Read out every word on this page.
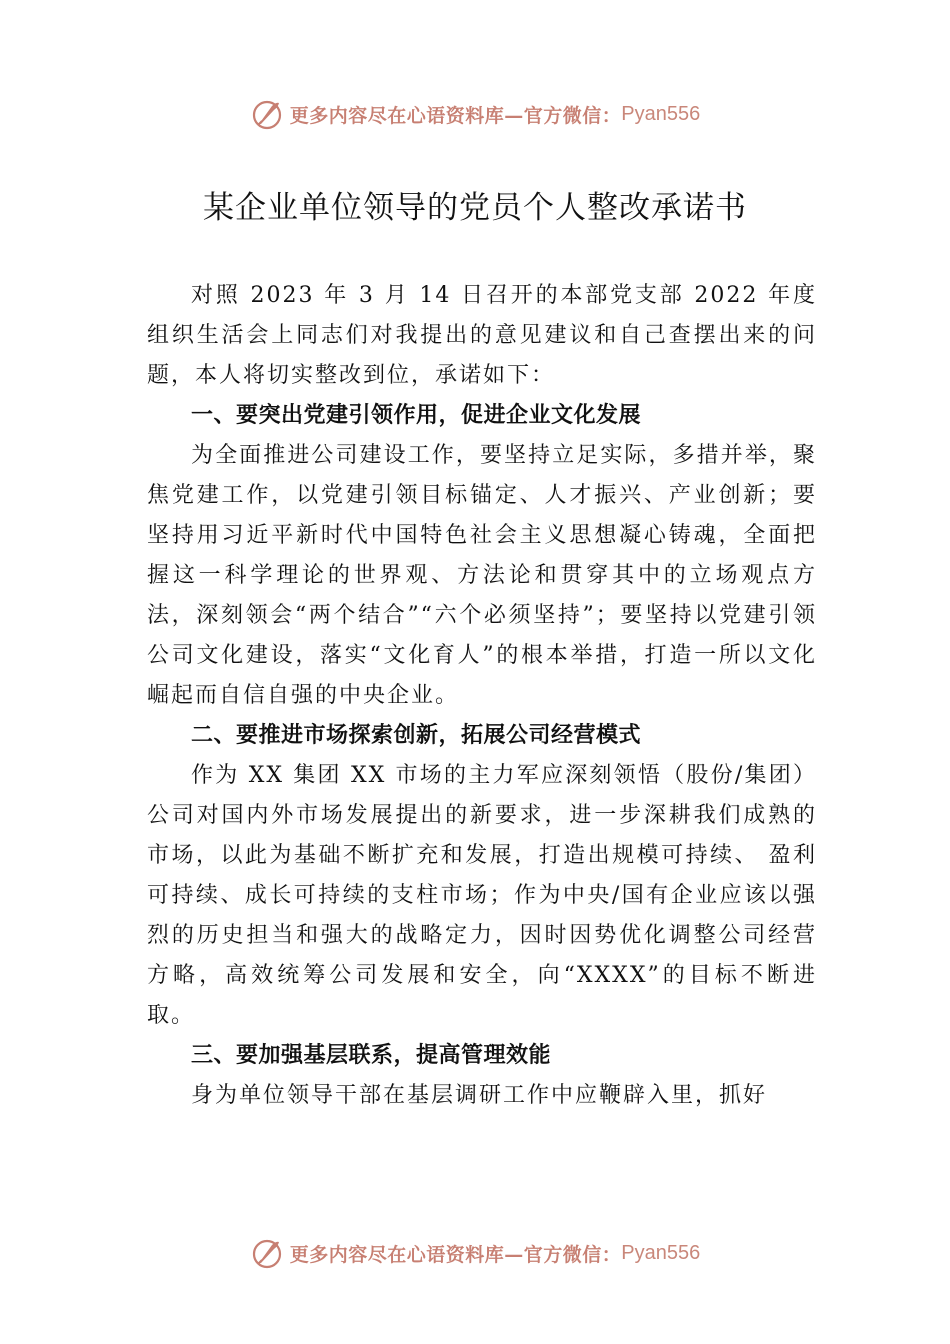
更多内容尽在心语资料库—官方微信： Pyan556
某企业单位领导的党员个人整改承诺书

对照 2023 年 3 月 14 日召开的本部党支部 2022 年度组织生活会上同志们对我提出的意见建议和自己查摆出来的问题，本人将切实整改到位，承诺如下：

一、要突出党建引领作用，促进企业文化发展

为全面推进公司建设工作，要坚持立足实际，多措并举，聚焦党建工作，以党建引领目标锚定、人才振兴、产业创新；要坚持用习近平新时代中国特色社会主义思想凝心铸魂，全面把握这一科学理论的世界观、方法论和贯穿其中的立场观点方法，深刻领会“两个结合”“六个必须坚持”；要坚持以党建引领公司文化建设，落实“文化育人”的根本举措，打造一所以文化崛起而自信自强的中央企业。

二、要推进市场探索创新，拓展公司经营模式

作为 XX 集团 XX 市场的主力军应深刻领悟（股份/集团） 公司对国内外市场发展提出的新要求，进一步深耕我们成熟的市场，以此为基础不断扩充和发展，打造出规模可持续、 盈利可持续、成长可持续的支柱市场；作为中央/国有企业应该以强烈的历史担当和强大的战略定力，因时因势优化调整公司经营方略，高效统筹公司发展和安全，向“XXXX”的目标不断进取。

三、要加强基层联系，提高管理效能

身为单位领导干部在基层调研工作中应鞭辟入里，抓好

更多内容尽在心语资料库—官方微信： Pyan556
